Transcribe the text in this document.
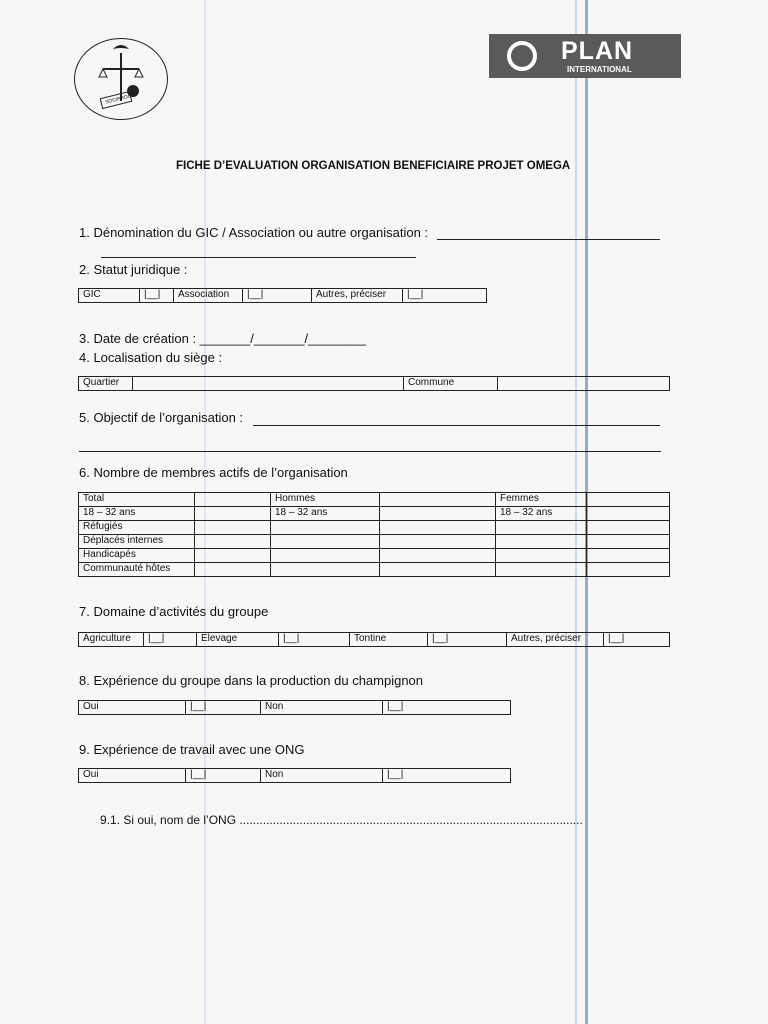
SOCIPROGD
PLAN
INTERNATIONAL
FICHE D’EVALUATION ORGANISATION BENEFICIAIRE PROJET OMEGA
1. Dénomination du GIC / Association ou autre organisation :
2. Statut juridique :
GIC	|__|	Association	|__|	Autres, préciser	|__|
3. Date de création : _______/_______/________
4. Localisation du siège :
Quartier		Commune	
5. Objectif de l’organisation :
6. Nombre de membres actifs de l’organisation
Total		Hommes		Femmes	
18 – 32 ans		18 – 32 ans		18 – 32 ans	
Réfugiés					
Déplacés internes					
Handicapés					
Communauté hôtes					
7. Domaine d’activités du groupe
Agriculture	|__|	Elevage	|__|	Tontine	|__|	Autres, préciser	|__|
8. Expérience du groupe dans la production du champignon
Oui	|__|	Non	|__|
9. Expérience de travail avec une ONG
Oui	|__|	Non	|__|
9.1. Si oui, nom de l’ONG .......................................................................................................
